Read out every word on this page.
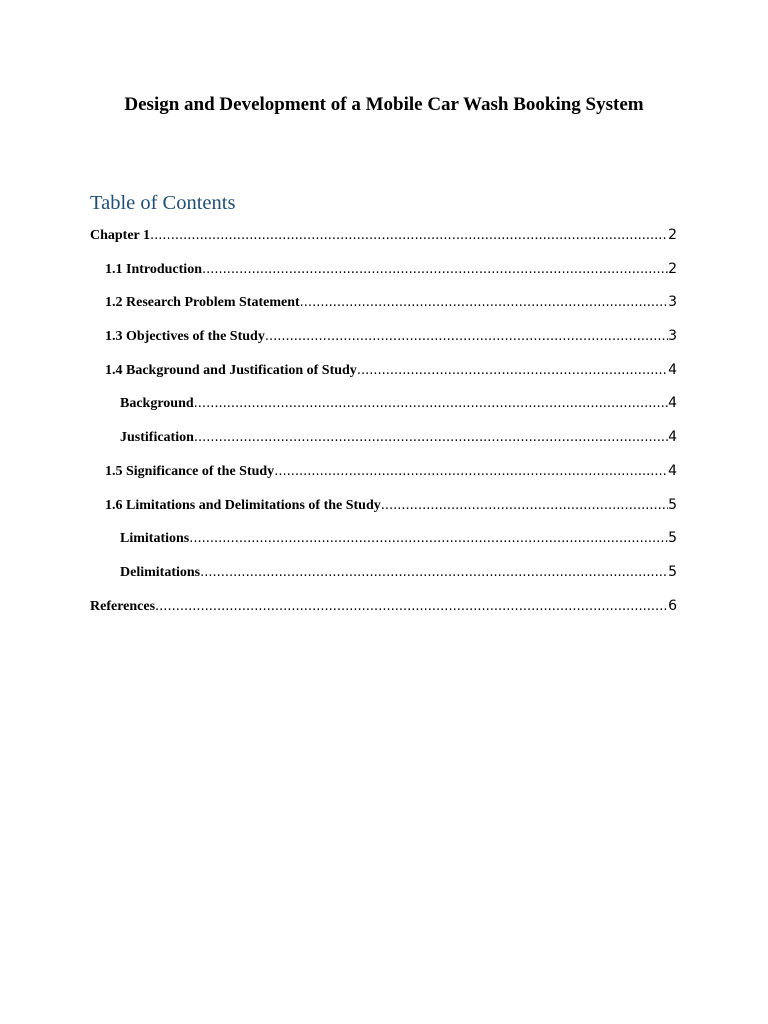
Design and Development of a Mobile Car Wash Booking System
Table of Contents
Chapter 1 .....	2
1.1 Introduction .....	2
1.2 Research Problem Statement .....	3
1.3 Objectives of the Study .....	3
1.4 Background and Justification of Study .....	4
Background .....	4
Justification .....	4
1.5 Significance of the Study .....	4
1.6 Limitations and Delimitations of the Study .....	5
Limitations .....	5
Delimitations .....	5
References .....	6
